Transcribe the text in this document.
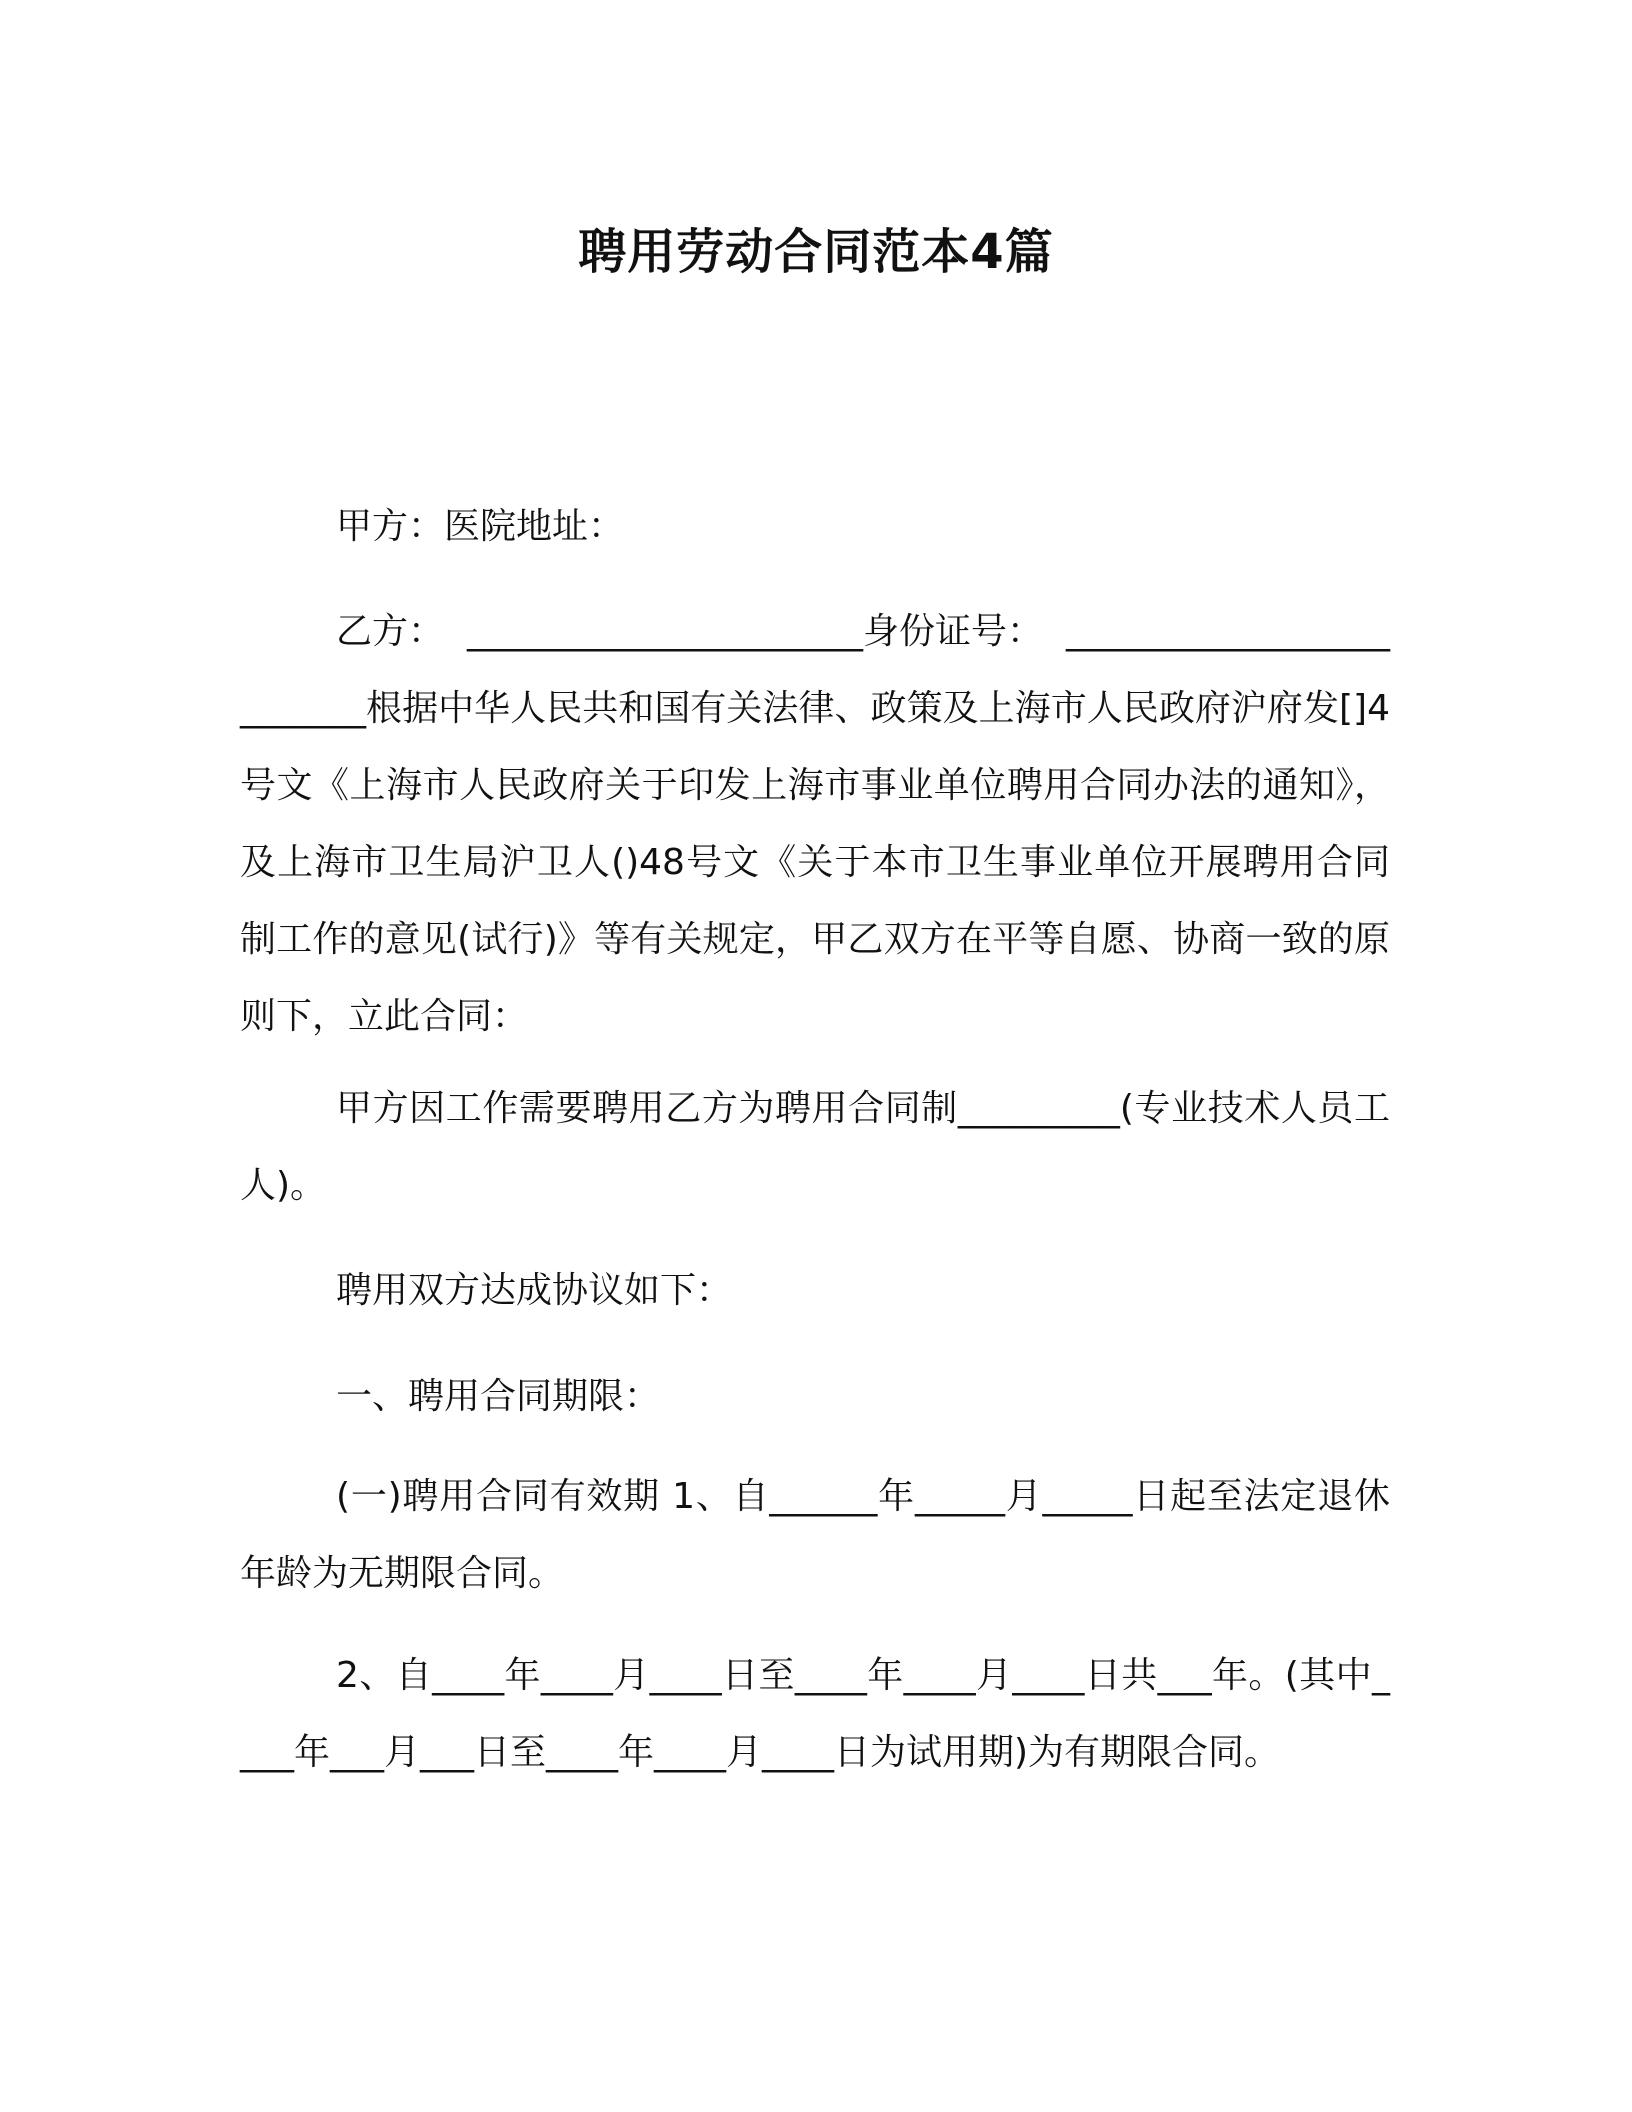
聘用劳动合同范本4篇

甲方：医院地址：

乙方：  ______________________身份证号：  _________________________根据中华人民共和国有关法律、政策及上海市人民政府沪府发[]4号文《上海市人民政府关于印发上海市事业单位聘用合同办法的通知》，及上海市卫生局沪卫人()48号文《关于本市卫生事业单位开展聘用合同制工作的意见(试行)》等有关规定，甲乙双方在平等自愿、协商一致的原则下，立此合同：

甲方因工作需要聘用乙方为聘用合同制_________(专业技术人员工人)。

聘用双方达成协议如下：

一、聘用合同期限：

(一)聘用合同有效期 1、自______年_____月_____日起至法定退休年龄为无期限合同。

2、自____年____月____日至____年____月____日共___年。(其中____年___月___日至____年____月____日为试用期)为有期限合同。
